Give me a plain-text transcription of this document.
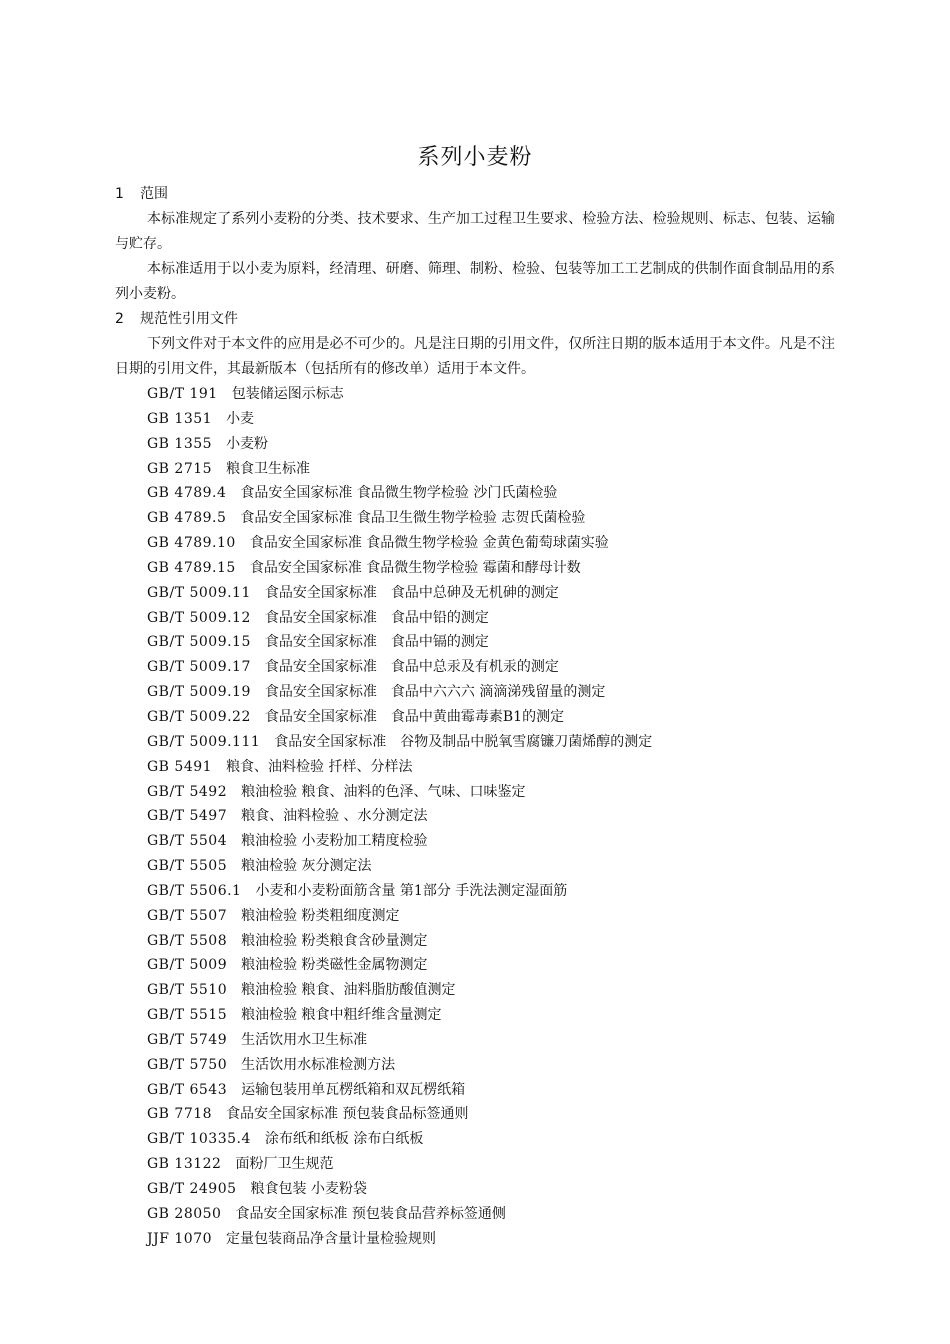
系列小麦粉
1 范围
本标准规定了系列小麦粉的分类、技术要求、生产加工过程卫生要求、检验方法、检验规则、标志、包装、运输与贮存。
本标准适用于以小麦为原料，经清理、研磨、筛理、制粉、检验、包装等加工工艺制成的供制作面食制品用的系列小麦粉。
2 规范性引用文件
下列文件对于本文件的应用是必不可少的。凡是注日期的引用文件，仅所注日期的版本适用于本文件。凡是不注日期的引用文件，其最新版本（包括所有的修改单）适用于本文件。
GB/T 191 包装储运图示标志
GB 1351 小麦
GB 1355 小麦粉
GB 2715 粮食卫生标准
GB 4789.4 食品安全国家标准 食品微生物学检验 沙门氏菌检验
GB 4789.5 食品安全国家标准 食品卫生微生物学检验 志贺氏菌检验
GB 4789.10 食品安全国家标准 食品微生物学检验 金黄色葡萄球菌实验
GB 4789.15 食品安全国家标准 食品微生物学检验 霉菌和酵母计数
GB/T 5009.11 食品安全国家标准　食品中总砷及无机砷的测定
GB/T 5009.12 食品安全国家标准　食品中铅的测定
GB/T 5009.15 食品安全国家标准　食品中镉的测定
GB/T 5009.17 食品安全国家标准　食品中总汞及有机汞的测定
GB/T 5009.19 食品安全国家标准　食品中六六六 滴滴涕残留量的测定
GB/T 5009.22 食品安全国家标准　食品中黄曲霉毒素B1的测定
GB/T 5009.111 食品安全国家标准　谷物及制品中脱氧雪腐镰刀菌烯醇的测定
GB 5491 粮食、油料检验 扦样、分样法
GB/T 5492 粮油检验 粮食、油料的色泽、气味、口味鉴定
GB/T 5497 粮食、油料检验 、水分测定法
GB/T 5504 粮油检验 小麦粉加工精度检验
GB/T 5505 粮油检验 灰分测定法
GB/T 5506.1 小麦和小麦粉面筋含量 第1部分 手洗法测定湿面筋
GB/T 5507 粮油检验 粉类粗细度测定
GB/T 5508 粮油检验 粉类粮食含砂量测定
GB/T 5009 粮油检验 粉类磁性金属物测定
GB/T 5510 粮油检验 粮食、油料脂肪酸值测定
GB/T 5515 粮油检验 粮食中粗纤维含量测定
GB/T 5749 生活饮用水卫生标准
GB/T 5750 生活饮用水标准检测方法
GB/T 6543 运输包装用单瓦楞纸箱和双瓦楞纸箱
GB 7718 食品安全国家标准 预包装食品标签通则
GB/T 10335.4 涂布纸和纸板 涂布白纸板
GB 13122 面粉厂卫生规范
GB/T 24905 粮食包装 小麦粉袋
GB 28050 食品安全国家标准 预包装食品营养标签通侧
JJF 1070 定量包装商品净含量计量检验规则
